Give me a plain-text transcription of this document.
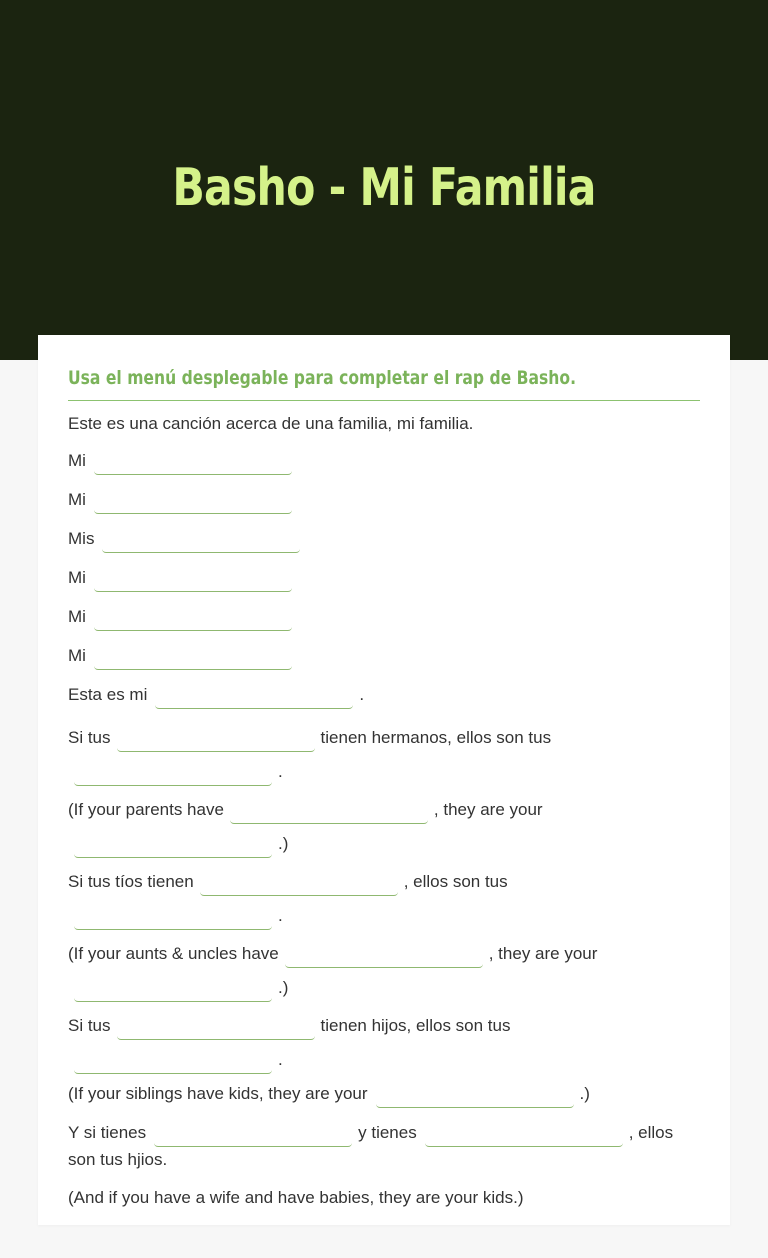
Basho - Mi Familia

Usa el menú desplegable para completar el rap de Basho.

Este es una canción acerca de una familia, mi familia.

Mi

Mi

Mis

Mi

Mi

Mi

Esta es mi	.

Si tus	tienen hermanos, ellos son tus
.

(If your parents have	, they are your
.)

Si tus tíos tienen	, ellos son tus
.

(If your aunts & uncles have	, they are your
.)

Si tus	tienen hijos, ellos son tus
.

(If your siblings have kids, they are your	.)

Y si tienes	y tienes	, ellos
son tus hjios.

(And if you have a wife and have babies, they are your kids.)
